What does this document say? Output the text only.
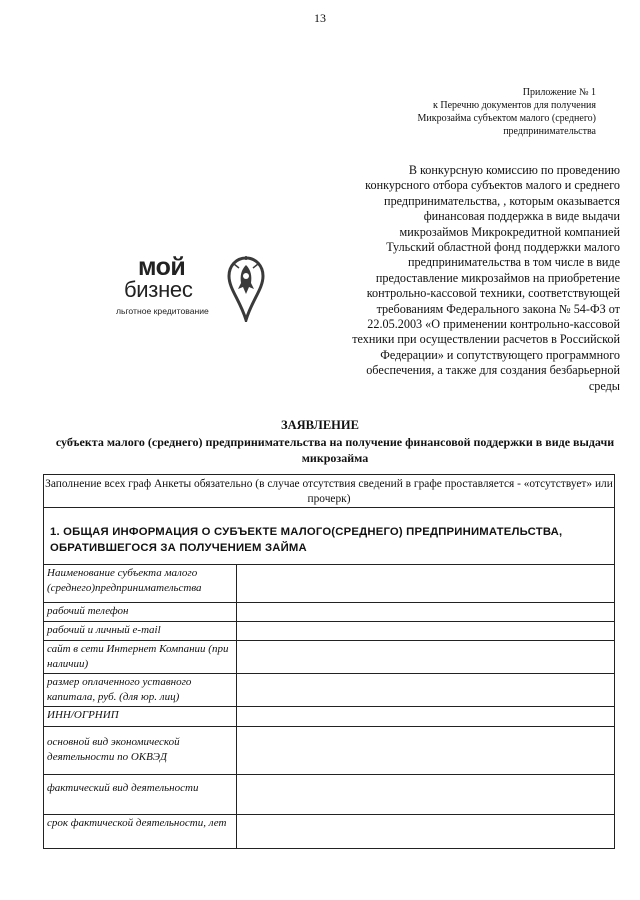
13
Приложение № 1
к Перечню документов для получения
Микрозайма субъектом малого (среднего)
предпринимательства
В конкурсную комиссию по проведению
конкурсного отбора субъектов малого и среднего
предпринимательства, , которым оказывается
финансовая поддержка в виде выдачи
микрозаймов Микрокредитной компанией
Тульский областной фонд поддержки малого
предпринимательства в том числе в виде
предоставление микрозаймов на приобретение
контрольно-кассовой техники, соответствующей
требованиям Федерального закона № 54-ФЗ от
22.05.2003 «О применении контрольно-кассовой
техники при осуществлении расчетов в Российской
Федерации» и сопутствующего программного
обеспечения, а также для создания безбарьерной
среды
мой
бизнес
льготное кредитование
ЗАЯВЛЕНИЕ
субъекта малого (среднего) предпринимательства на получение финансовой поддержки в виде выдачи микрозайма
Заполнение всех граф Анкеты обязательно (в случае отсутствия сведений в графе проставляется - «отсутствует» или прочерк)
1. ОБЩАЯ ИНФОРМАЦИЯ О СУБЪЕКТЕ МАЛОГО(СРЕДНЕГО) ПРЕДПРИНИМАТЕЛЬСТВА, ОБРАТИВШЕГОСЯ ЗА ПОЛУЧЕНИЕМ ЗАЙМА
Наименование субъекта малого (среднего)предпринимательства	
рабочий телефон	
рабочий и личный e-mail	
сайт в сети Интернет Компании (при наличии)	
размер оплаченного уставного капитала, руб. (для юр. лиц)	
ИНН/ОГРНИП	
основной вид экономической деятельности по ОКВЭД	
фактический вид деятельности	
срок фактической деятельности, лет	
